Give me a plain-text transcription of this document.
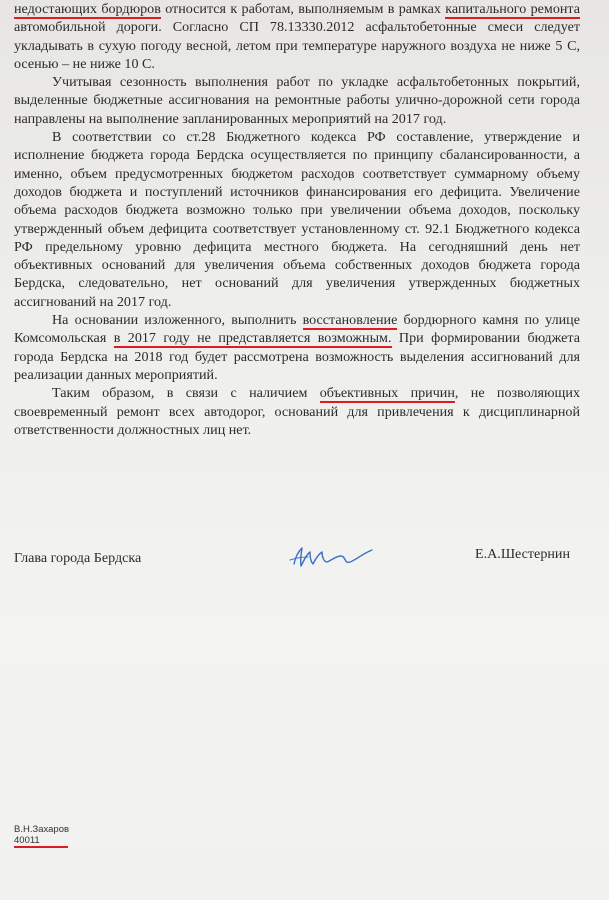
недостающих бордюров относится к работам, выполняемым в рамках капитального ремонта автомобильной дороги. Согласно СП 78.13330.2012 асфальтобетонные смеси следует укладывать в сухую погоду весной, летом при температуре наружного воздуха не ниже 5 С, осенью – не ниже 10 С.

Учитывая сезонность выполнения работ по укладке асфальтобетонных покрытий, выделенные бюджетные ассигнования на ремонтные работы улично-дорожной сети города направлены на выполнение запланированных мероприятий на 2017 год.

В соответствии со ст.28 Бюджетного кодекса РФ составление, утверждение и исполнение бюджета города Бердска осуществляется по принципу сбалансированности, а именно, объем предусмотренных бюджетом расходов соответствует суммарному объему доходов бюджета и поступлений источников финансирования его дефицита. Увеличение объема расходов бюджета возможно только при увеличении объема доходов, поскольку утвержденный объем дефицита соответствует установленному ст. 92.1 Бюджетного кодекса РФ предельному уровню дефицита местного бюджета. На сегодняшний день нет объективных оснований для увеличения объема собственных доходов бюджета города Бердска, следовательно, нет оснований для увеличения утвержденных бюджетных ассигнований на 2017 год.

На основании изложенного, выполнить восстановление бордюрного камня по улице Комсомольская в 2017 году не представляется возможным. При формировании бюджета города Бердска на 2018 год будет рассмотрена возможность выделения ассигнований для реализации данных мероприятий.

Таким образом, в связи с наличием объективных причин, не позволяющих своевременный ремонт всех автодорог, оснований для привлечения к дисциплинарной ответственности должностных лиц нет.

Глава города Бердска	Е.А.Шестернин
В.Н.Захаров
40011
